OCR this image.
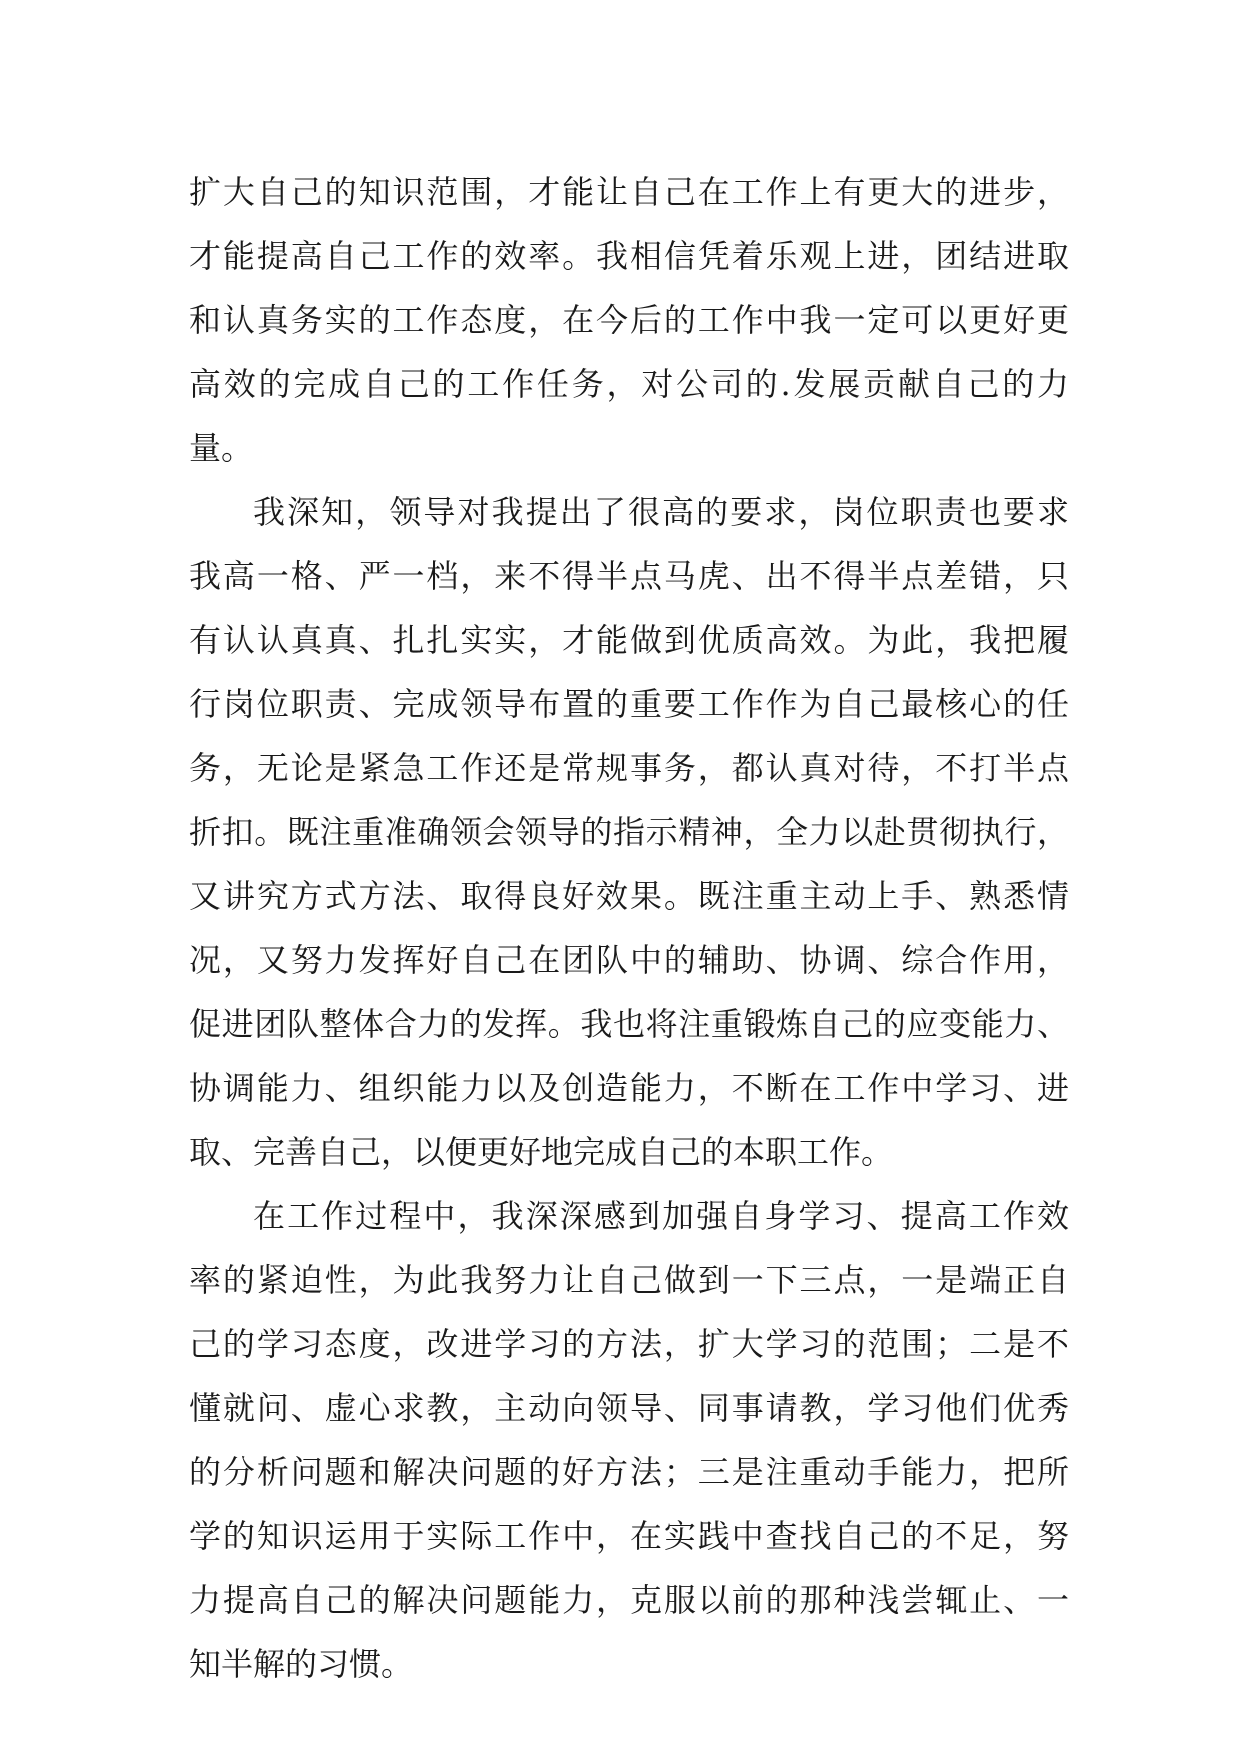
扩大自己的知识范围，才能让自己在工作上有更大的进步，
才能提高自己工作的效率。我相信凭着乐观上进，团结进取
和认真务实的工作态度，在今后的工作中我一定可以更好更
高效的完成自己的工作任务，对公司的.发展贡献自己的力
量。
我深知，领导对我提出了很高的要求，岗位职责也要求
我高一格、严一档，来不得半点马虎、出不得半点差错，只
有认认真真、扎扎实实，才能做到优质高效。为此，我把履
行岗位职责、完成领导布置的重要工作作为自己最核心的任
务，无论是紧急工作还是常规事务，都认真对待，不打半点
折扣。既注重准确领会领导的指示精神，全力以赴贯彻执行，
又讲究方式方法、取得良好效果。既注重主动上手、熟悉情
况，又努力发挥好自己在团队中的辅助、协调、综合作用，
促进团队整体合力的发挥。我也将注重锻炼自己的应变能力、
协调能力、组织能力以及创造能力，不断在工作中学习、进
取、完善自己，以便更好地完成自己的本职工作。
在工作过程中，我深深感到加强自身学习、提高工作效
率的紧迫性，为此我努力让自己做到一下三点，一是端正自
己的学习态度，改进学习的方法，扩大学习的范围；二是不
懂就问、虚心求教，主动向领导、同事请教，学习他们优秀
的分析问题和解决问题的好方法；三是注重动手能力，把所
学的知识运用于实际工作中，在实践中查找自己的不足，努
力提高自己的解决问题能力，克服以前的那种浅尝辄止、一
知半解的习惯。
